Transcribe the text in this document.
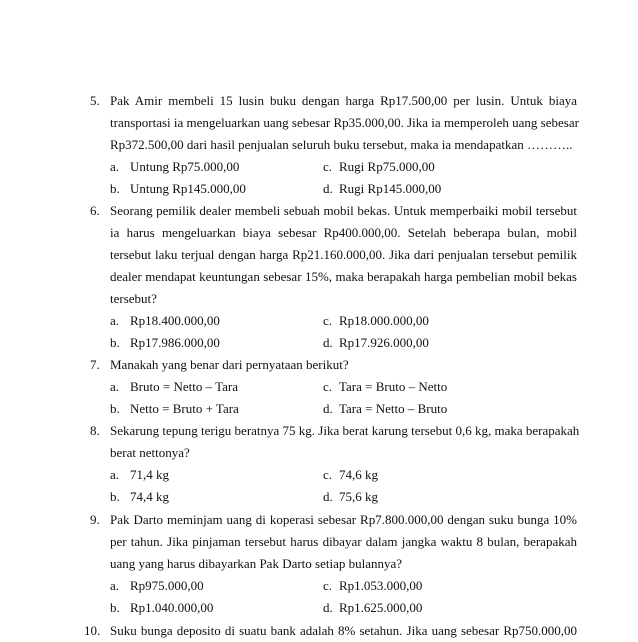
5. Pak Amir membeli 15 lusin buku dengan harga Rp17.500,00 per lusin. Untuk biaya
transportasi ia mengeluarkan uang sebesar Rp35.000,00. Jika ia memperoleh uang sebesar
Rp372.500,00 dari hasil penjualan seluruh buku tersebut, maka ia mendapatkan ………..
a. Untung Rp75.000,00	c. Rugi Rp75.000,00
b. Untung Rp145.000,00	d. Rugi Rp145.000,00
6. Seorang pemilik dealer membeli sebuah mobil bekas. Untuk memperbaiki mobil tersebut
ia harus mengeluarkan biaya sebesar Rp400.000,00. Setelah beberapa bulan, mobil
tersebut laku terjual dengan harga Rp21.160.000,00. Jika dari penjualan tersebut pemilik
dealer mendapat keuntungan sebesar 15%, maka berapakah harga pembelian mobil bekas
tersebut?
a. Rp18.400.000,00	c. Rp18.000.000,00
b. Rp17.986.000,00	d. Rp17.926.000,00
7. Manakah yang benar dari pernyataan berikut?
a. Bruto = Netto – Tara	c. Tara = Bruto – Netto
b. Netto = Bruto + Tara	d. Tara = Netto – Bruto
8. Sekarung tepung terigu beratnya 75 kg. Jika berat karung tersebut 0,6 kg, maka berapakah
berat nettonya?
a. 71,4 kg	c. 74,6 kg
b. 74,4 kg	d. 75,6 kg
9. Pak Darto meminjam uang di koperasi sebesar Rp7.800.000,00 dengan suku bunga 10%
per tahun. Jika pinjaman tersebut harus dibayar dalam jangka waktu 8 bulan, berapakah
uang yang harus dibayarkan Pak Darto setiap bulannya?
a. Rp975.000,00	c. Rp1.053.000,00
b. Rp1.040.000,00	d. Rp1.625.000,00
10. Suku bunga deposito di suatu bank adalah 8% setahun. Jika uang sebesar Rp750.000,00
